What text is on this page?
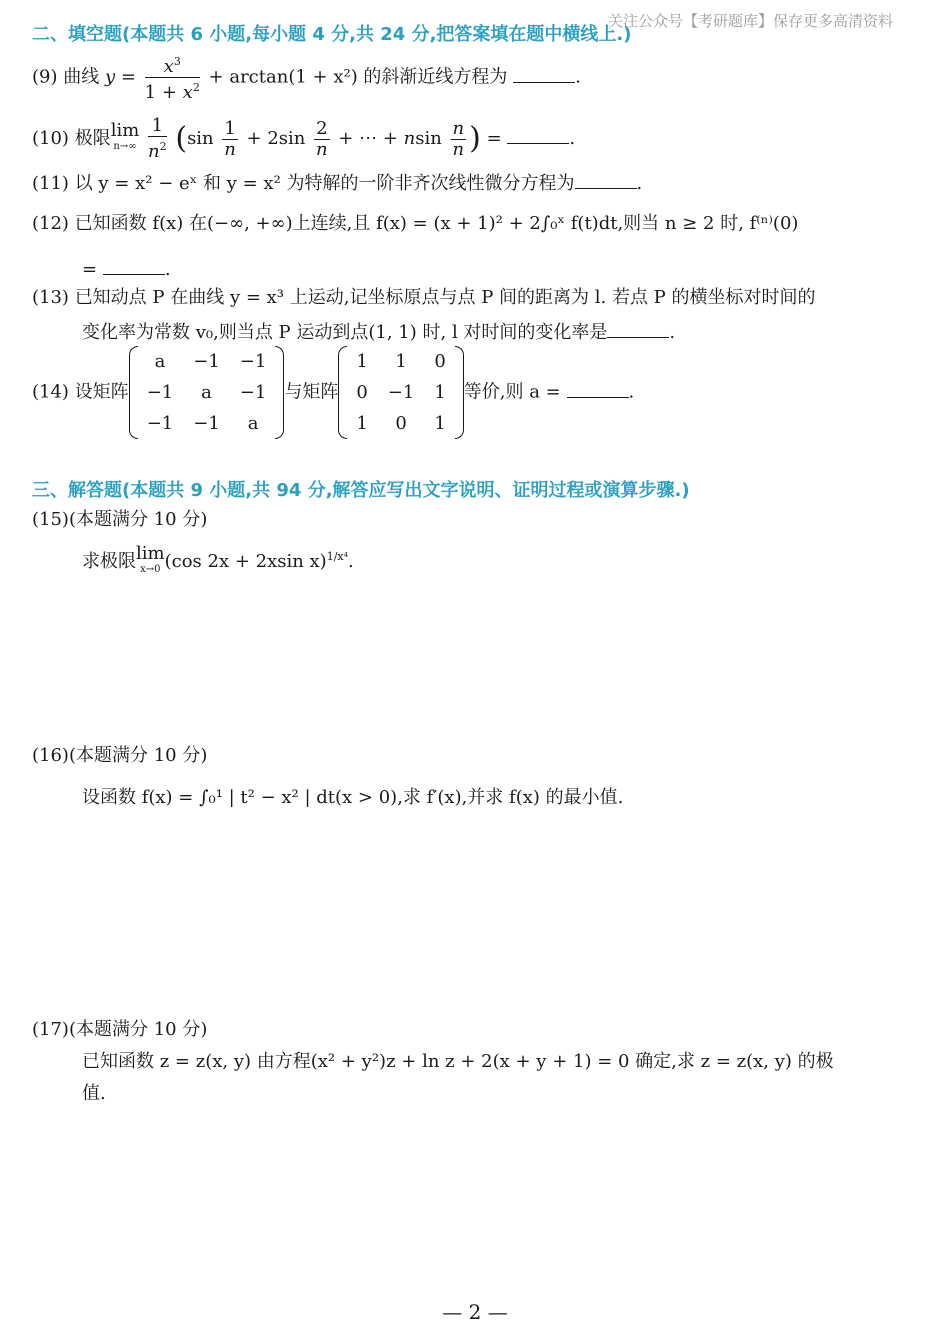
关注公众号【考研题库】保存更多高清资料
二、填空题(本题共 6 小题,每小题 4 分,共 24 分,把答案填在题中横线上.)
(9) 曲线 $y = \frac{x^3}{1 + x^2} + \arctan(1 + x^2)$ 的斜渐近线方程为	.
(10) 极限lim
n→∞
$\frac{1}{n^2} (\sin \frac{1}{n} + 2\sin \frac{2}{n}$ + ⋯ + nsin $\frac{n}{n}$ ) =	.
(11) 以 y = x² − eˣ 和 y = x² 为特解的一阶非齐次线性微分方程为	.
(12) 已知函数 f(x) 在(−∞, +∞)上连续,且 f(x) = (x + 1)² + 2∫₀ˣ f(t)dt,则当 n ≥ 2 时, f⁽ⁿ⁾(0)
=	.
(13) 已知动点 P 在曲线 y = x³ 上运动,记坐标原点与点 P 间的距离为 l. 若点 P 的横坐标对时间的
变化率为常数 v₀,则当点 P 运动到点(1, 1) 时, l 对时间的变化率是	.
(14) 设矩阵
a	−1	−1
−1	a	−1
−1	−1	a
与矩阵
1	1	0
0	−1	1
1	0	1
等价,则 a =	.
三、解答题(本题共 9 小题,共 94 分,解答应写出文字说明、证明过程或演算步骤.)
(15)(本题满分 10 分)
求极限lim
x→0 (cos 2x + 2xsin x)$^{1/x^4}$.
(16)(本题满分 10 分)
设函数 f(x) = ∫₀¹ | t² − x² | dt(x > 0),求 f′(x),并求 f(x) 的最小值.
(17)(本题满分 10 分)
已知函数 z = z(x, y) 由方程(x² + y²)z + ln z + 2(x + y + 1) = 0 确定,求 z = z(x, y) 的极
值.
— 2 —
